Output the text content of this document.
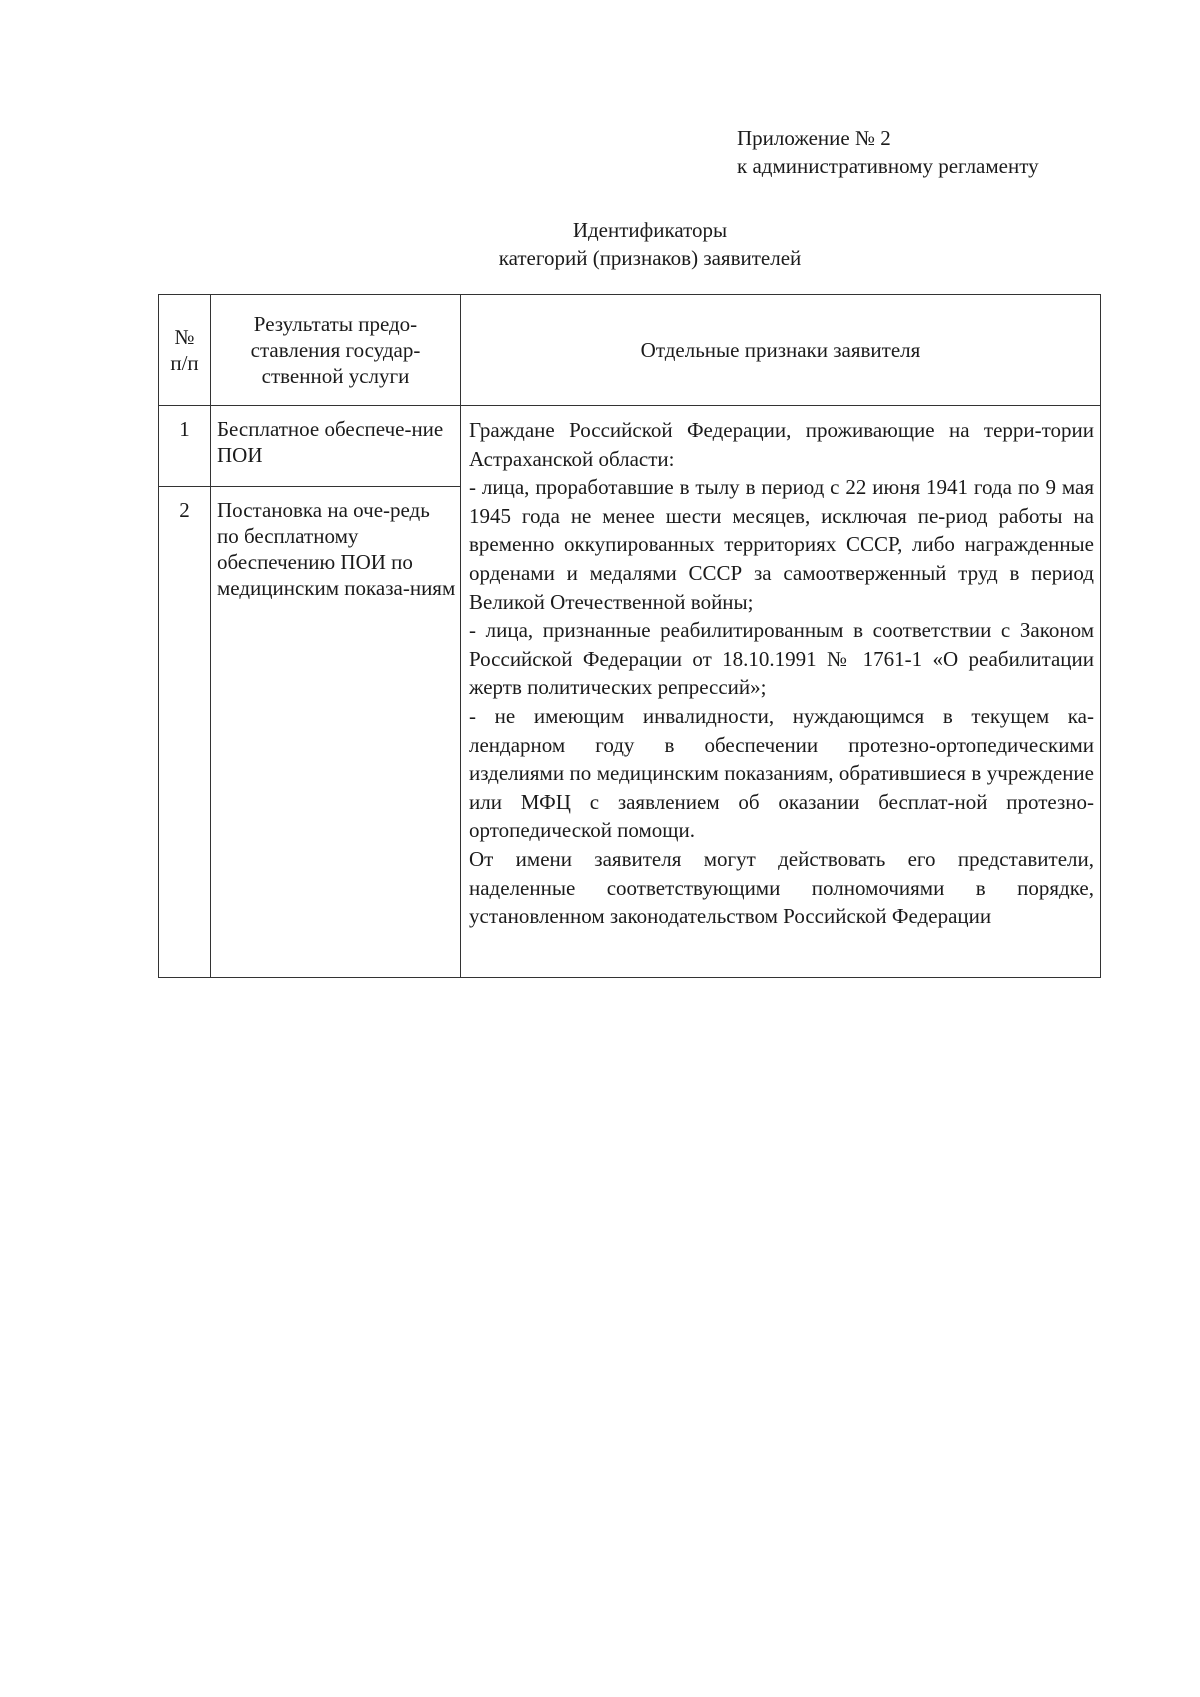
Приложение № 2
к административному регламенту
Идентификаторы
категорий (признаков) заявителей
№ п/п	Результаты предо-ставления государ-ственной услуги	Отдельные признаки заявителя
1	Бесплатное обеспече-ние ПОИ	Граждане Российской Федерации, проживающие на терри-тории Астраханской области:

- лица, проработавшие в тылу в период с 22 июня 1941 года по 9 мая 1945 года не менее шести месяцев, исключая пе-риод работы на временно оккупированных территориях СССР, либо награжденные орденами и медалями СССР за самоотверженный труд в период Великой Отечественной войны;

- лица, признанные реабилитированным в соответствии с Законом Российской Федерации от 18.10.1991 № 1761-1 «О реабилитации жертв политических репрессий»;

- не имеющим инвалидности, нуждающимся в текущем ка-лендарном году в обеспечении протезно-ортопедическими изделиями по медицинским показаниям, обратившиеся в учреждение или МФЦ с заявлением об оказании бесплат-ной протезно-ортопедической помощи.

От имени заявителя могут действовать его представители, наделенные соответствующими полномочиями в порядке, установленном законодательством Российской Федерации

2	Постановка на оче-редь по бесплатному обеспечению ПОИ по медицинским показа-ниям	
